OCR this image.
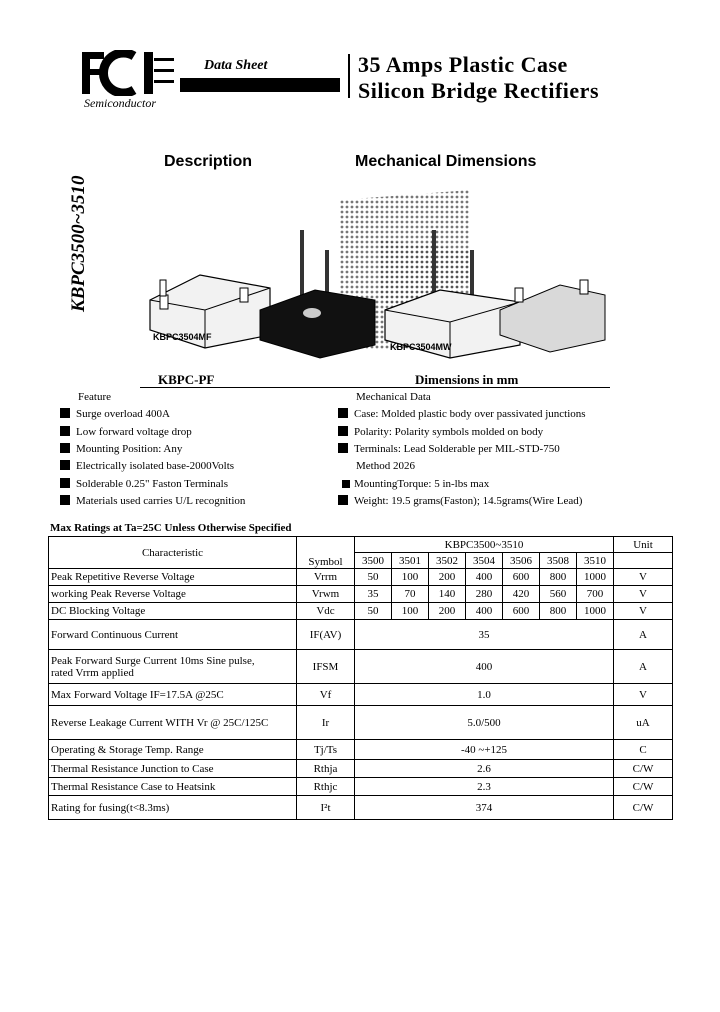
Semiconductor
Data Sheet	35 Amps Plastic Case
Silicon Bridge Rectifiers
Description	Mechanical Dimensions
KBPC3500~3510
KBPC3504MF
KBPC3504MW
KBPC-PF	Dimensions in mm
Feature
Surge overload 400A
Low forward voltage drop
Mounting Position: Any
Electrically isolated base-2000Volts
Solderable 0.25" Faston Terminals
Materials used carries U/L recognition
Mechanical Data
Case: Molded plastic body over passivated junctions
Polarity: Polarity symbols molded on body
Terminals: Lead Solderable per MIL-STD-750
Method 2026
MountingTorque: 5 in-lbs max
Weight: 19.5 grams(Faston); 14.5grams(Wire Lead)
Max Ratings at Ta=25C Unless Otherwise Specified
Characteristic	Symbol	KBPC3500~3510							Unit
		3500	3501	3502	3504	3506	3508	3510	
Peak Repetitive Reverse Voltage	Vrrm	50	100	200	400	600	800	1000	V
working Peak Reverse Voltage	Vrwm	35	70	140	280	420	560	700	V
DC Blocking Voltage	Vdc	50	100	200	400	600	800	1000	V
Forward Continuous Current	IF(AV)	35							A
Peak Forward Surge Current 10ms Sine pulse,
rated Vrrm applied	IFSM	400							A
Max Forward Voltage IF=17.5A @25C	Vf	1.0							V
Reverse Leakage Current WITH Vr @ 25C/125C	Ir	5.0/500							uA
Operating & Storage Temp. Range	Tj/Ts	-40 ~+125							C
Thermal Resistance Junction to Case	Rthja	2.6							C/W
Thermal Resistance Case to Heatsink	Rthjc	2.3							C/W
Rating for fusing(t<8.3ms)	I²t	374							C/W
